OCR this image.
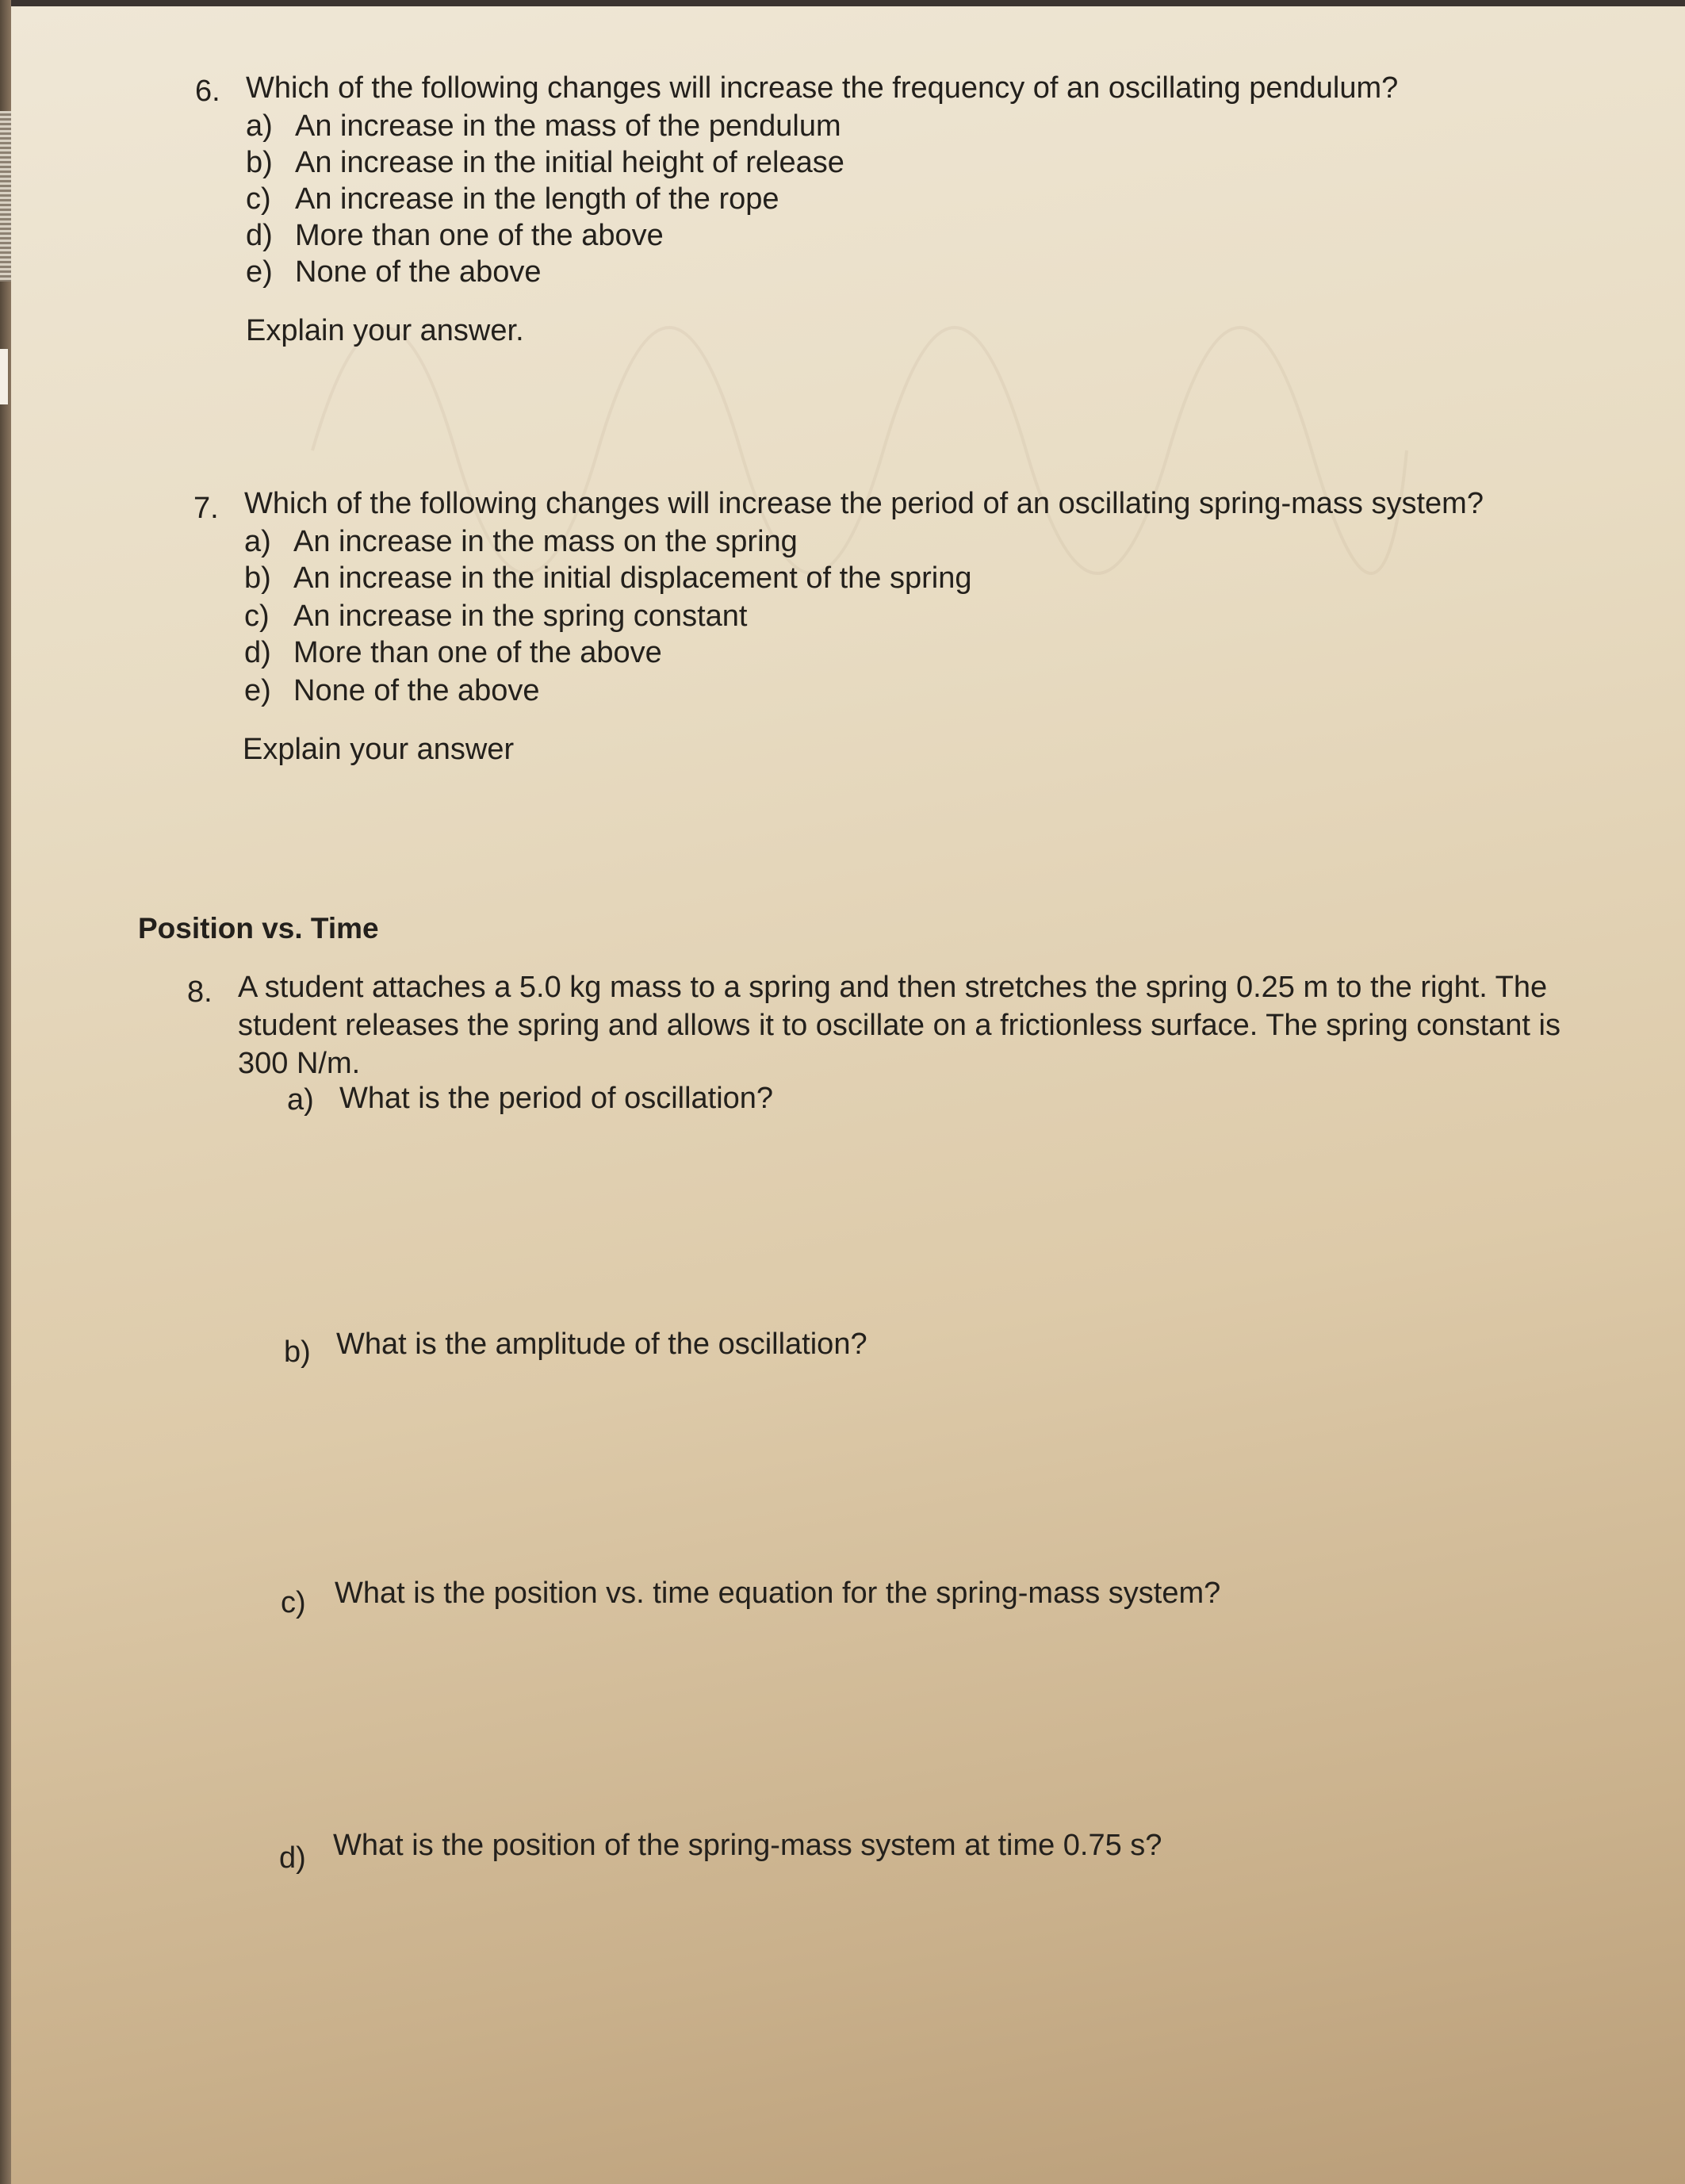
6. Which of the following changes will increase the frequency of an oscillating pendulum?
a) An increase in the mass of the pendulum
b) An increase in the initial height of release
c) An increase in the length of the rope
d) More than one of the above
e) None of the above
Explain your answer.
7. Which of the following changes will increase the period of an oscillating spring-mass system?
a) An increase in the mass on the spring
b) An increase in the initial displacement of the spring
c) An increase in the spring constant
d) More than one of the above
e) None of the above
Explain your answer
Position vs. Time
8. A student attaches a 5.0 kg mass to a spring and then stretches the spring 0.25 m to the right. The
student releases the spring and allows it to oscillate on a frictionless surface. The spring constant is
300 N/m.
a) What is the period of oscillation?
b) What is the amplitude of the oscillation?
c) What is the position vs. time equation for the spring-mass system?
d) What is the position of the spring-mass system at time 0.75 s?
